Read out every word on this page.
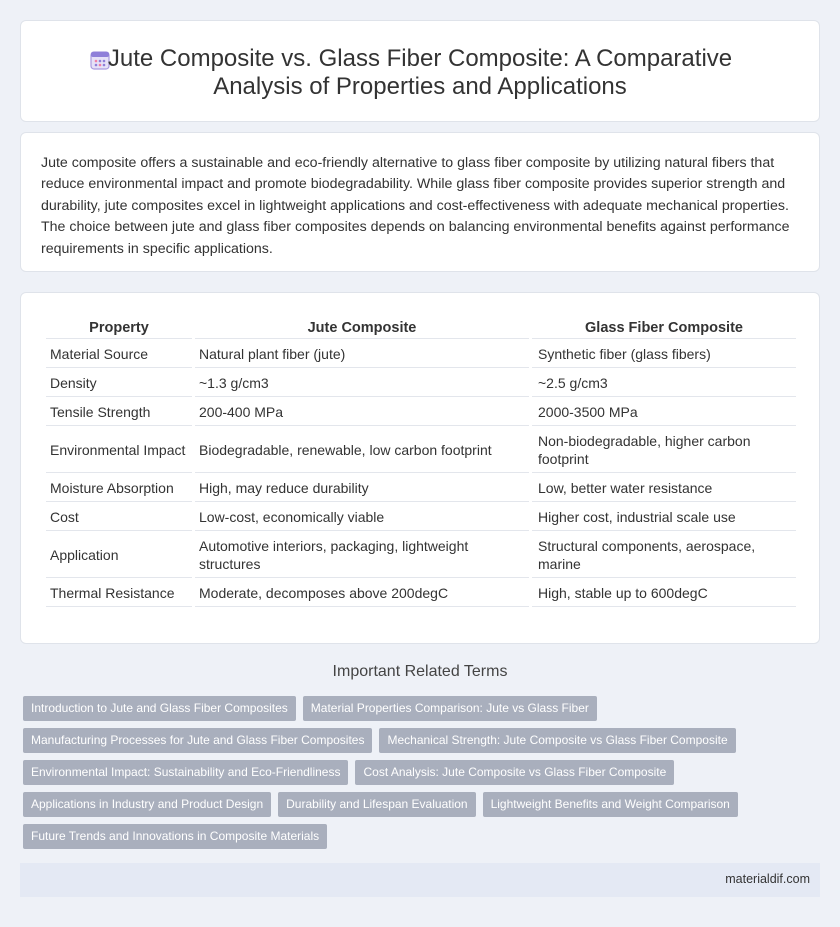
Jute Composite vs. Glass Fiber Composite: A Comparative Analysis of Properties and Applications

Jute composite offers a sustainable and eco-friendly alternative to glass fiber composite by utilizing natural fibers that reduce environmental impact and promote biodegradability. While glass fiber composite provides superior strength and durability, jute composites excel in lightweight applications and cost-effectiveness with adequate mechanical properties. The choice between jute and glass fiber composites depends on balancing environmental benefits against performance requirements in specific applications.

Property	Jute Composite	Glass Fiber Composite
Material Source	Natural plant fiber (jute)	Synthetic fiber (glass fibers)
Density	~1.3 g/cm3	~2.5 g/cm3
Tensile Strength	200-400 MPa	2000-3500 MPa
Environmental Impact	Biodegradable, renewable, low carbon footprint	Non-biodegradable, higher carbon footprint
Moisture Absorption	High, may reduce durability	Low, better water resistance
Cost	Low-cost, economically viable	Higher cost, industrial scale use
Application	Automotive interiors, packaging, lightweight structures	Structural components, aerospace, marine
Thermal Resistance	Moderate, decomposes above 200degC	High, stable up to 600degC
Important Related Terms
Introduction to Jute and Glass Fiber Composites	Material Properties Comparison: Jute vs Glass Fiber
Manufacturing Processes for Jute and Glass Fiber Composites	Mechanical Strength: Jute Composite vs Glass Fiber Composite
Environmental Impact: Sustainability and Eco-Friendliness	Cost Analysis: Jute Composite vs Glass Fiber Composite
Applications in Industry and Product Design	Durability and Lifespan Evaluation	Lightweight Benefits and Weight Comparison
Future Trends and Innovations in Composite Materials
materialdif.com
